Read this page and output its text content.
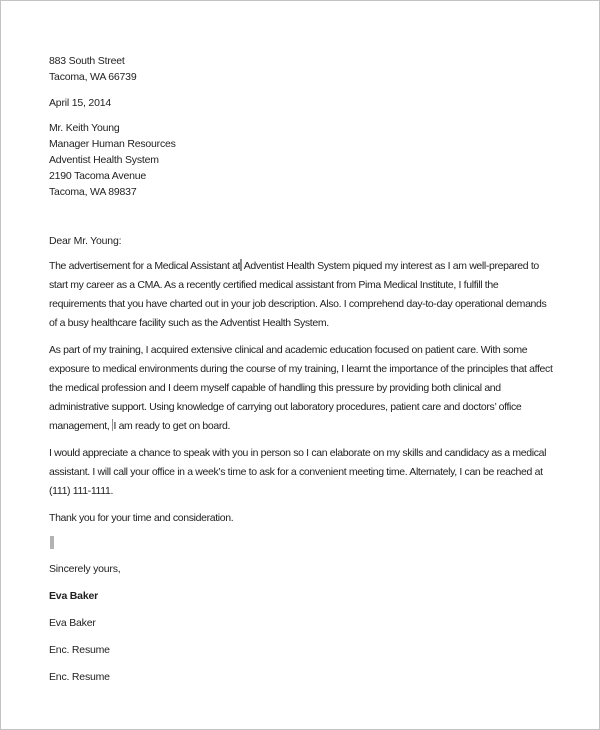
883 South Street
Tacoma, WA 66739
April 15, 2014
Mr. Keith Young
Manager Human Resources
Adventist Health System
2190 Tacoma Avenue
Tacoma, WA 89837
Dear Mr. Young:

The advertisement for a Medical Assistant at Adventist Health System piqued my interest as I am well-prepared to start my career as a CMA. As a recently certified medical assistant from Pima Medical Institute, I fulfill the requirements that you have charted out in your job description. Also. I comprehend day-to-day operational demands of a busy healthcare facility such as the Adventist Health System.

As part of my training, I acquired extensive clinical and academic education focused on patient care. With some exposure to medical environments during the course of my training, I learnt the importance of the principles that affect the medical profession and I deem myself capable of handling this pressure by providing both clinical and administrative support. Using knowledge of carrying out laboratory procedures, patient care and doctors’ office management, I am ready to get on board.

I would appreciate a chance to speak with you in person so I can elaborate on my skills and candidacy as a medical assistant. I will call your office in a week’s time to ask for a convenient meeting time. Alternately, I can be reached at (111) 111-1111.

Thank you for your time and consideration.

Sincerely yours,

Eva Baker

Eva Baker

Enc. Resume

Enc. Resume
